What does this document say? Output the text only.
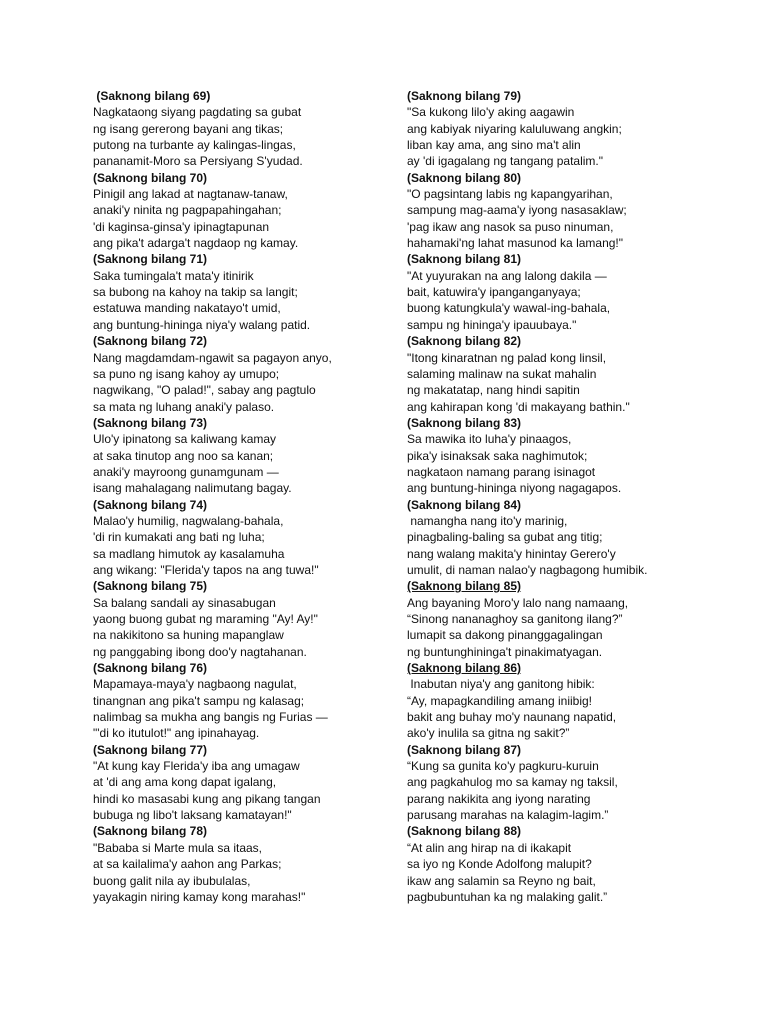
(Saknong bilang 69)
Nagkataong siyang pagdating sa gubat
ng isang gererong bayani ang tikas;
putong na turbante ay kalingas-lingas,
pananamit-Moro sa Persiyang S'yudad.
(Saknong bilang 70)
Pinigil ang lakad at nagtanaw-tanaw,
anaki'y ninita ng pagpapahingahan;
'di kaginsa-ginsa'y ipinagtapunan
ang pika't adarga't nagdaop ng kamay.
(Saknong bilang 71)
Saka tumingala't mata'y itinirik
sa bubong na kahoy na takip sa langit;
estatuwa manding nakatayo't umid,
ang buntung-hininga niya'y walang patid.
(Saknong bilang 72)
Nang magdamdam-ngawit sa pagayon anyo,
sa puno ng isang kahoy ay umupo;
nagwikang, "O palad!", sabay ang pagtulo
sa mata ng luhang anaki'y palaso.
(Saknong bilang 73)
Ulo'y ipinatong sa kaliwang kamay
at saka tinutop ang noo sa kanan;
anaki'y mayroong gunamgunam —
isang mahalagang nalimutang bagay.
(Saknong bilang 74)
Malao'y humilig, nagwalang-bahala,
'di rin kumakati ang bati ng luha;
sa madlang himutok ay kasalamuha
ang wikang: "Flerida'y tapos na ang tuwa!"
(Saknong bilang 75)
Sa balang sandali ay sinasabugan
yaong buong gubat ng maraming "Ay! Ay!"
na nakikitono sa huning mapanglaw
ng panggabing ibong doo'y nagtahanan.
(Saknong bilang 76)
Mapamaya-maya'y nagbaong nagulat,
tinangnan ang pika't sampu ng kalasag;
nalimbag sa mukha ang bangis ng Furias —
"'di ko itutulot!" ang ipinahayag.
(Saknong bilang 77)
"At kung kay Flerida'y iba ang umagaw
at 'di ang ama kong dapat igalang,
hindi ko masasabi kung ang pikang tangan
bubuga ng libo't laksang kamatayan!"
(Saknong bilang 78)
"Bababa si Marte mula sa itaas,
at sa kailalima'y aahon ang Parkas;
buong galit nila ay ibubulalas,
yayakagin niring kamay kong marahas!"
(Saknong bilang 79)
"Sa kukong lilo'y aking aagawin
ang kabiyak niyaring kaluluwang angkin;
liban kay ama, ang sino ma't alin
ay 'di igagalang ng tangang patalim."
(Saknong bilang 80)
"O pagsintang labis ng kapangyarihan,
sampung mag-aama'y iyong nasasaklaw;
'pag ikaw ang nasok sa puso ninuman,
hahamaki'ng lahat masunod ka lamang!"
(Saknong bilang 81)
"At yuyurakan na ang lalong dakila —
bait, katuwira'y ipanganganyaya;
buong katungkula'y wawal-ing-bahala,
sampu ng hininga'y ipauubaya."
(Saknong bilang 82)
"Itong kinaratnan ng palad kong linsil,
salaming malinaw na sukat mahalin
ng makatatap, nang hindi sapitin
ang kahirapan kong 'di makayang bathin."
(Saknong bilang 83)
Sa mawika ito luha'y pinaagos,
pika'y isinaksak saka naghimutok;
nagkataon namang parang isinagot
ang buntung-hininga niyong nagagapos.
(Saknong bilang 84)
namangha nang ito'y marinig,
pinagbaling-baling sa gubat ang titig;
nang walang makita'y hinintay Gerero'y
umulit, di naman nalao'y nagbagong humibik.
(Saknong bilang 85)
Ang bayaning Moro'y lalo nang namaang,
“Sinong nananaghoy sa ganitong ilang?”
lumapit sa dakong pinanggagalingan
ng buntunghininga't pinakimatyagan.
(Saknong bilang 86)
Inabutan niya'y ang ganitong hibik:
“Ay, mapagkandiling amang iniibig!
bakit ang buhay mo'y naunang napatid,
ako'y inulila sa gitna ng sakit?”
(Saknong bilang 87)
“Kung sa gunita ko'y pagkuru-kuruin
ang pagkahulog mo sa kamay ng taksil,
parang nakikita ang iyong narating
parusang marahas na kalagim-lagim.”
(Saknong bilang 88)
“At alin ang hirap na di ikakapit
sa iyo ng Konde Adolfong malupit?
ikaw ang salamin sa Reyno ng bait,
pagbubuntuhan ka ng malaking galit.”
